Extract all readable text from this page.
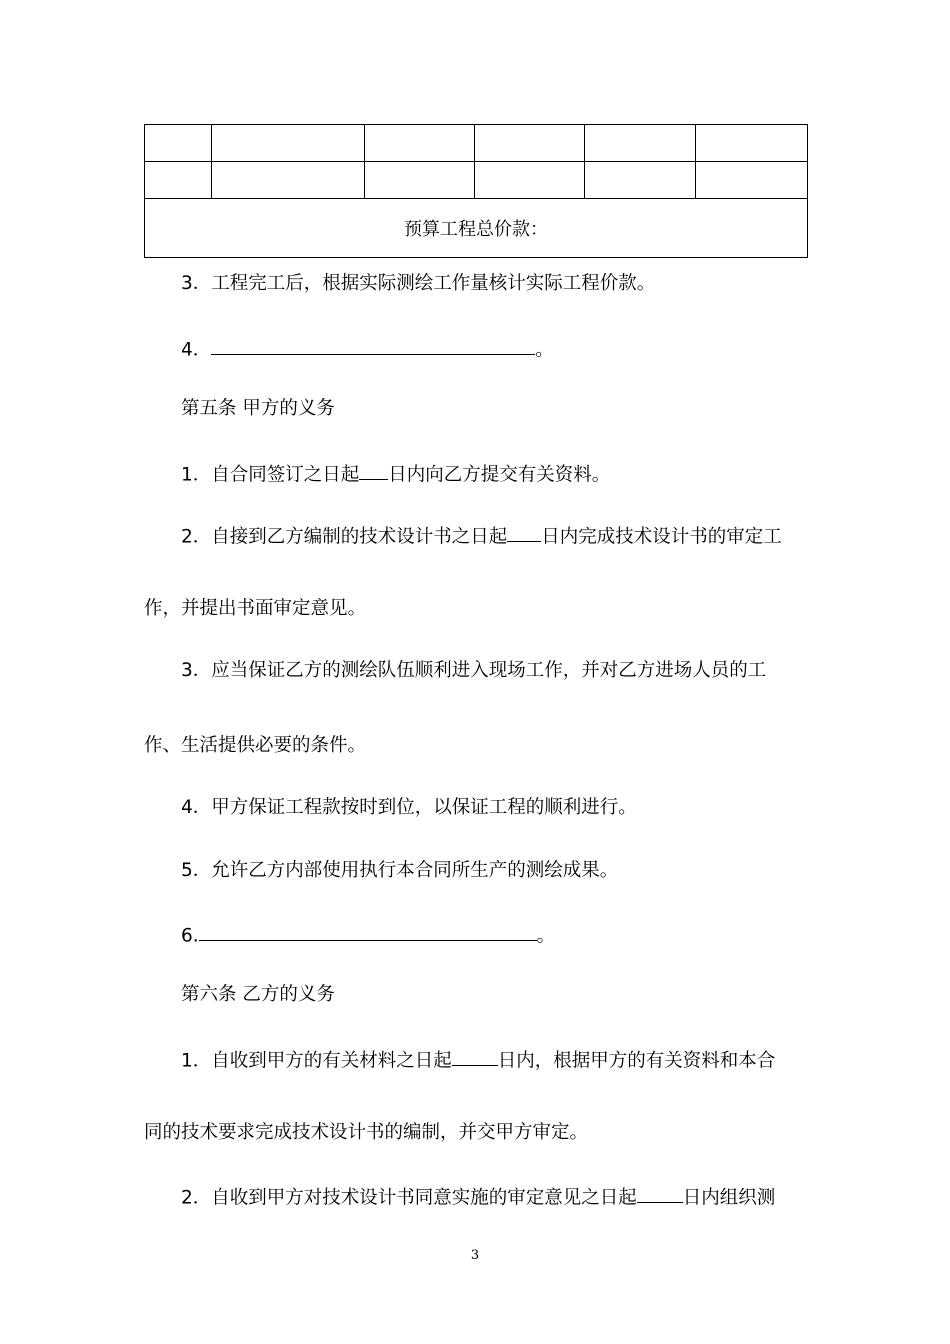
预算工程总价款：					
3．工程完工后，根据实际测绘工作量核计实际工程价款。
4．	。
第五条 甲方的义务
1．自合同签订之日起 日内向乙方提交有关资料。
2．自接到乙方编制的技术设计书之日起 日内完成技术设计书的审定工
作，并提出书面审定意见。
3．应当保证乙方的测绘队伍顺利进入现场工作，并对乙方进场人员的工
作、生活提供必要的条件。
4．甲方保证工程款按时到位，以保证工程的顺利进行。
5．允许乙方内部使用执行本合同所生产的测绘成果。
6.	。
第六条 乙方的义务
1．自收到甲方的有关材料之日起 日内，根据甲方的有关资料和本合
同的技术要求完成技术设计书的编制，并交甲方审定。
2．自收到甲方对技术设计书同意实施的审定意见之日起 日内组织测
3
